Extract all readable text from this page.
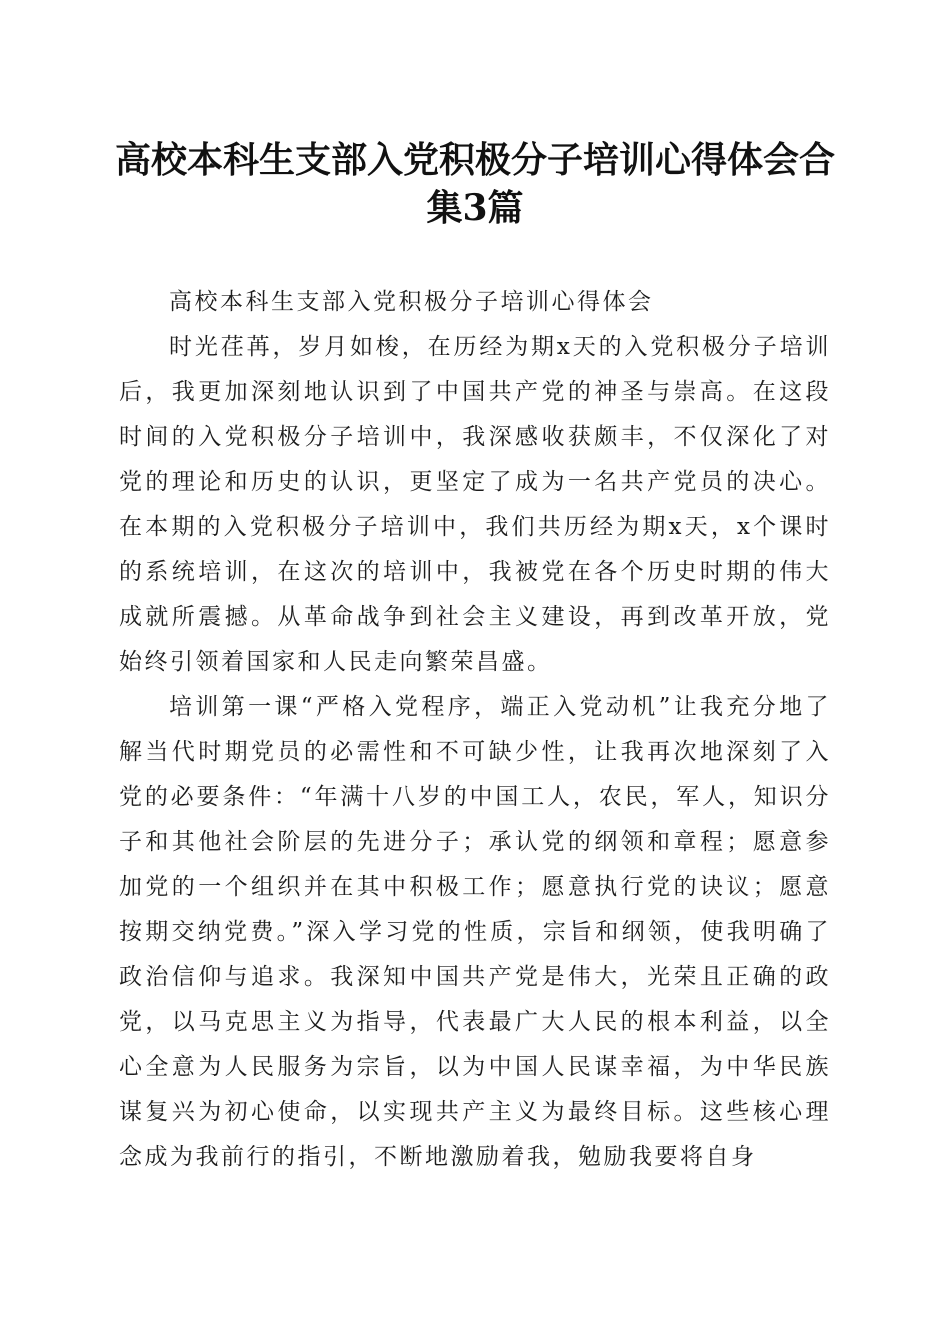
高校本科生支部入党积极分子培训心得体会合
集3篇

高校本科生支部入党积极分子培训心得体会

时光荏苒，岁月如梭，在历经为期x天的入党积极分子培训后，我更加深刻地认识到了中国共产党的神圣与崇高。在这段时间的入党积极分子培训中，我深感收获颇丰，不仅深化了对党的理论和历史的认识，更坚定了成为一名共产党员的决心。在本期的入党积极分子培训中，我们共历经为期x天，x个课时的系统培训，在这次的培训中，我被党在各个历史时期的伟大成就所震撼。从革命战争到社会主义建设，再到改革开放，党始终引领着国家和人民走向繁荣昌盛。

培训第一课“严格入党程序，端正入党动机”让我充分地了解当代时期党员的必需性和不可缺少性，让我再次地深刻了入党的必要条件：“年满十八岁的中国工人，农民，军人，知识分子和其他社会阶层的先进分子；承认党的纲领和章程；愿意参加党的一个组织并在其中积极工作；愿意执行党的诀议；愿意按期交纳党费。”深入学习党的性质，宗旨和纲领，使我明确了政治信仰与追求。我深知中国共产党是伟大，光荣且正确的政党，以马克思主义为指导，代表最广大人民的根本利益，以全心全意为人民服务为宗旨，以为中国人民谋幸福，为中华民族谋复兴为初心使命，以实现共产主义为最终目标。这些核心理念成为我前行的指引，不断地激励着我，勉励我要将自身
